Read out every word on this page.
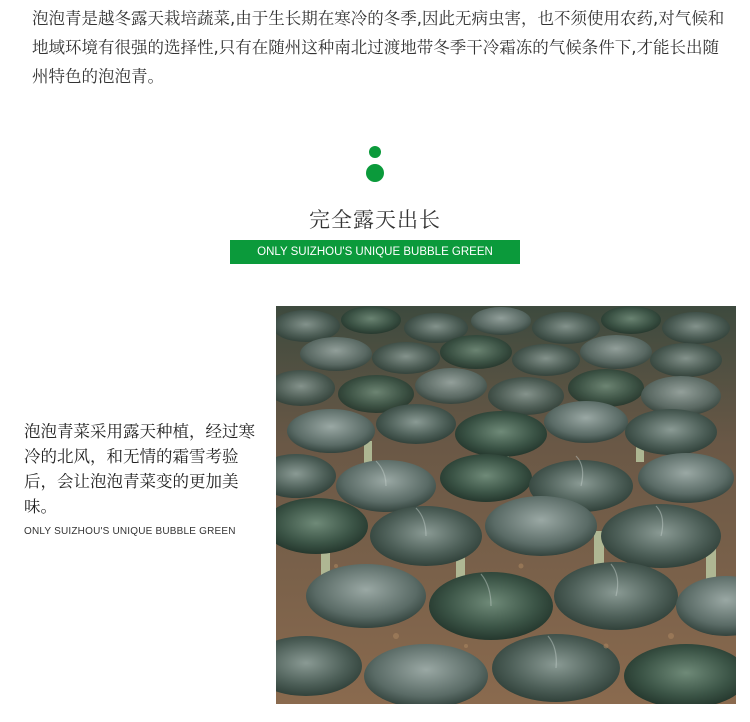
泡泡青是越冬露天栽培蔬菜,由于生长期在寒冷的冬季,因此无病虫害，也不须使用农药,对气候和地域环境有很强的选择性,只有在随州这种南北过渡地带冬季干冷霜冻的气候条件下,才能长出随州特色的泡泡青。

完全露天出长
ONLY SUIZHOU'S UNIQUE BUBBLE GREEN

泡泡青菜采用露天种植，经过寒冷的北风，和无情的霜雪考验后，会让泡泡青菜变的更加美味。

ONLY SUIZHOU'S UNIQUE BUBBLE GREEN
